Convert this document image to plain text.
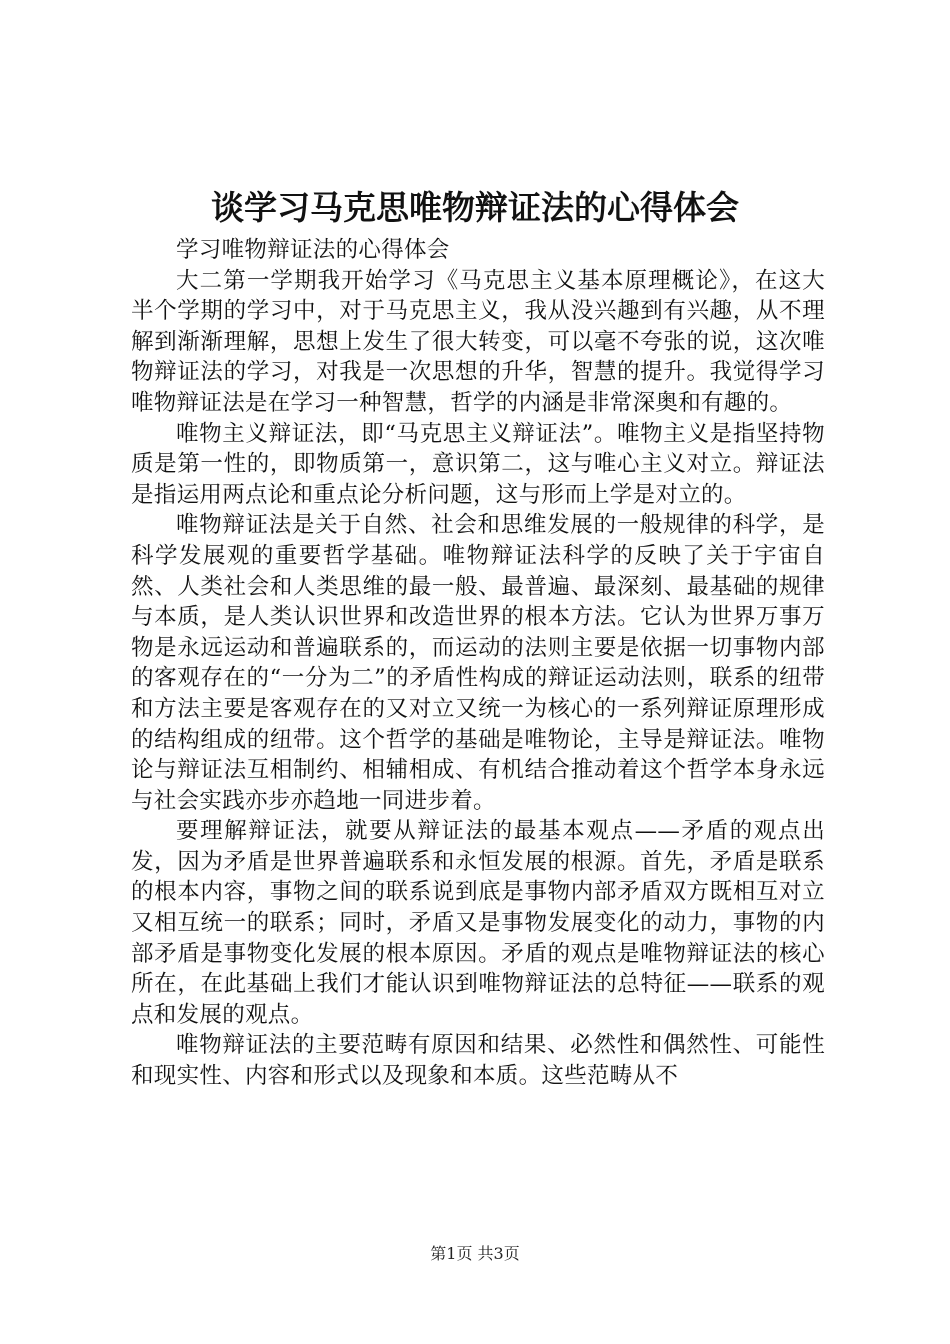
谈学习马克思唯物辩证法的心得体会

学习唯物辩证法的心得体会

大二第一学期我开始学习《马克思主义基本原理概论》，在这大半个学期的学习中，对于马克思主义，我从没兴趣到有兴趣，从不理解到渐渐理解，思想上发生了很大转变，可以毫不夸张的说，这次唯物辩证法的学习，对我是一次思想的升华，智慧的提升。我觉得学习唯物辩证法是在学习一种智慧，哲学的内涵是非常深奥和有趣的。

唯物主义辩证法，即“马克思主义辩证法”。唯物主义是指坚持物质是第一性的，即物质第一，意识第二，这与唯心主义对立。辩证法是指运用两点论和重点论分析问题，这与形而上学是对立的。

唯物辩证法是关于自然、社会和思维发展的一般规律的科学，是科学发展观的重要哲学基础。唯物辩证法科学的反映了关于宇宙自然、人类社会和人类思维的最一般、最普遍、最深刻、最基础的规律与本质，是人类认识世界和改造世界的根本方法。它认为世界万事万物是永远运动和普遍联系的，而运动的法则主要是依据一切事物内部的客观存在的“一分为二”的矛盾性构成的辩证运动法则，联系的纽带和方法主要是客观存在的又对立又统一为核心的一系列辩证原理形成的结构组成的纽带。这个哲学的基础是唯物论，主导是辩证法。唯物论与辩证法互相制约、相辅相成、有机结合推动着这个哲学本身永远与社会实践亦步亦趋地一同进步着。

要理解辩证法，就要从辩证法的最基本观点——矛盾的观点出发，因为矛盾是世界普遍联系和永恒发展的根源。首先，矛盾是联系的根本内容，事物之间的联系说到底是事物内部矛盾双方既相互对立又相互统一的联系；同时，矛盾又是事物发展变化的动力，事物的内部矛盾是事物变化发展的根本原因。矛盾的观点是唯物辩证法的核心所在，在此基础上我们才能认识到唯物辩证法的总特征——联系的观点和发展的观点。

唯物辩证法的主要范畴有原因和结果、必然性和偶然性、可能性和现实性、内容和形式以及现象和本质。这些范畴从不

第1页 共3页
